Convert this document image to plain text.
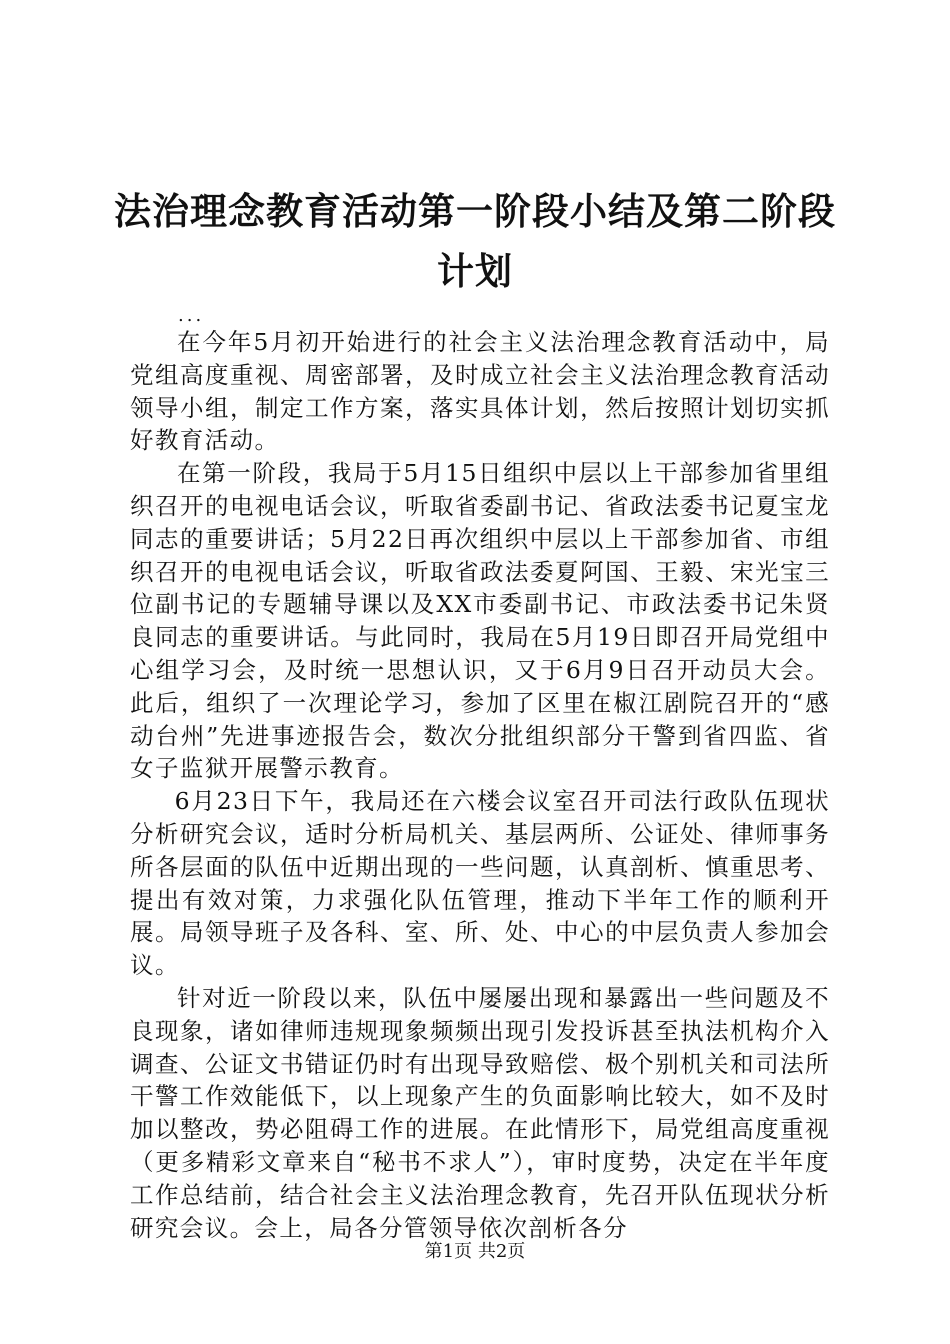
法治理念教育活动第一阶段小结及第二阶段计划
...

在今年5月初开始进行的社会主义法治理念教育活动中，局党组高度重视、周密部署，及时成立社会主义法治理念教育活动领导小组，制定工作方案，落实具体计划，然后按照计划切实抓好教育活动。

在第一阶段，我局于5月15日组织中层以上干部参加省里组织召开的电视电话会议，听取省委副书记、省政法委书记夏宝龙同志的重要讲话；5月22日再次组织中层以上干部参加省、市组织召开的电视电话会议，听取省政法委夏阿国、王毅、宋光宝三位副书记的专题辅导课以及XX市委副书记、市政法委书记朱贤良同志的重要讲话。与此同时，我局在5月19日即召开局党组中心组学习会，及时统一思想认识，又于6月9日召开动员大会。此后，组织了一次理论学习，参加了区里在椒江剧院召开的“感动台州”先进事迹报告会，数次分批组织部分干警到省四监、省女子监狱开展警示教育。

6月23日下午，我局还在六楼会议室召开司法行政队伍现状分析研究会议，适时分析局机关、基层两所、公证处、律师事务所各层面的队伍中近期出现的一些问题，认真剖析、慎重思考、提出有效对策，力求强化队伍管理，推动下半年工作的顺利开展。局领导班子及各科、室、所、处、中心的中层负责人参加会议。

针对近一阶段以来，队伍中屡屡出现和暴露出一些问题及不良现象，诸如律师违规现象频频出现引发投诉甚至执法机构介入调查、公证文书错证仍时有出现导致赔偿、极个别机关和司法所干警工作效能低下，以上现象产生的负面影响比较大，如不及时加以整改，势必阻碍工作的进展。在此情形下，局党组高度重视（更多精彩文章来自“秘书不求人”），审时度势，决定在半年度工作总结前，结合社会主义法治理念教育，先召开队伍现状分析研究会议。会上，局各分管领导依次剖析各分

第1页 共2页
